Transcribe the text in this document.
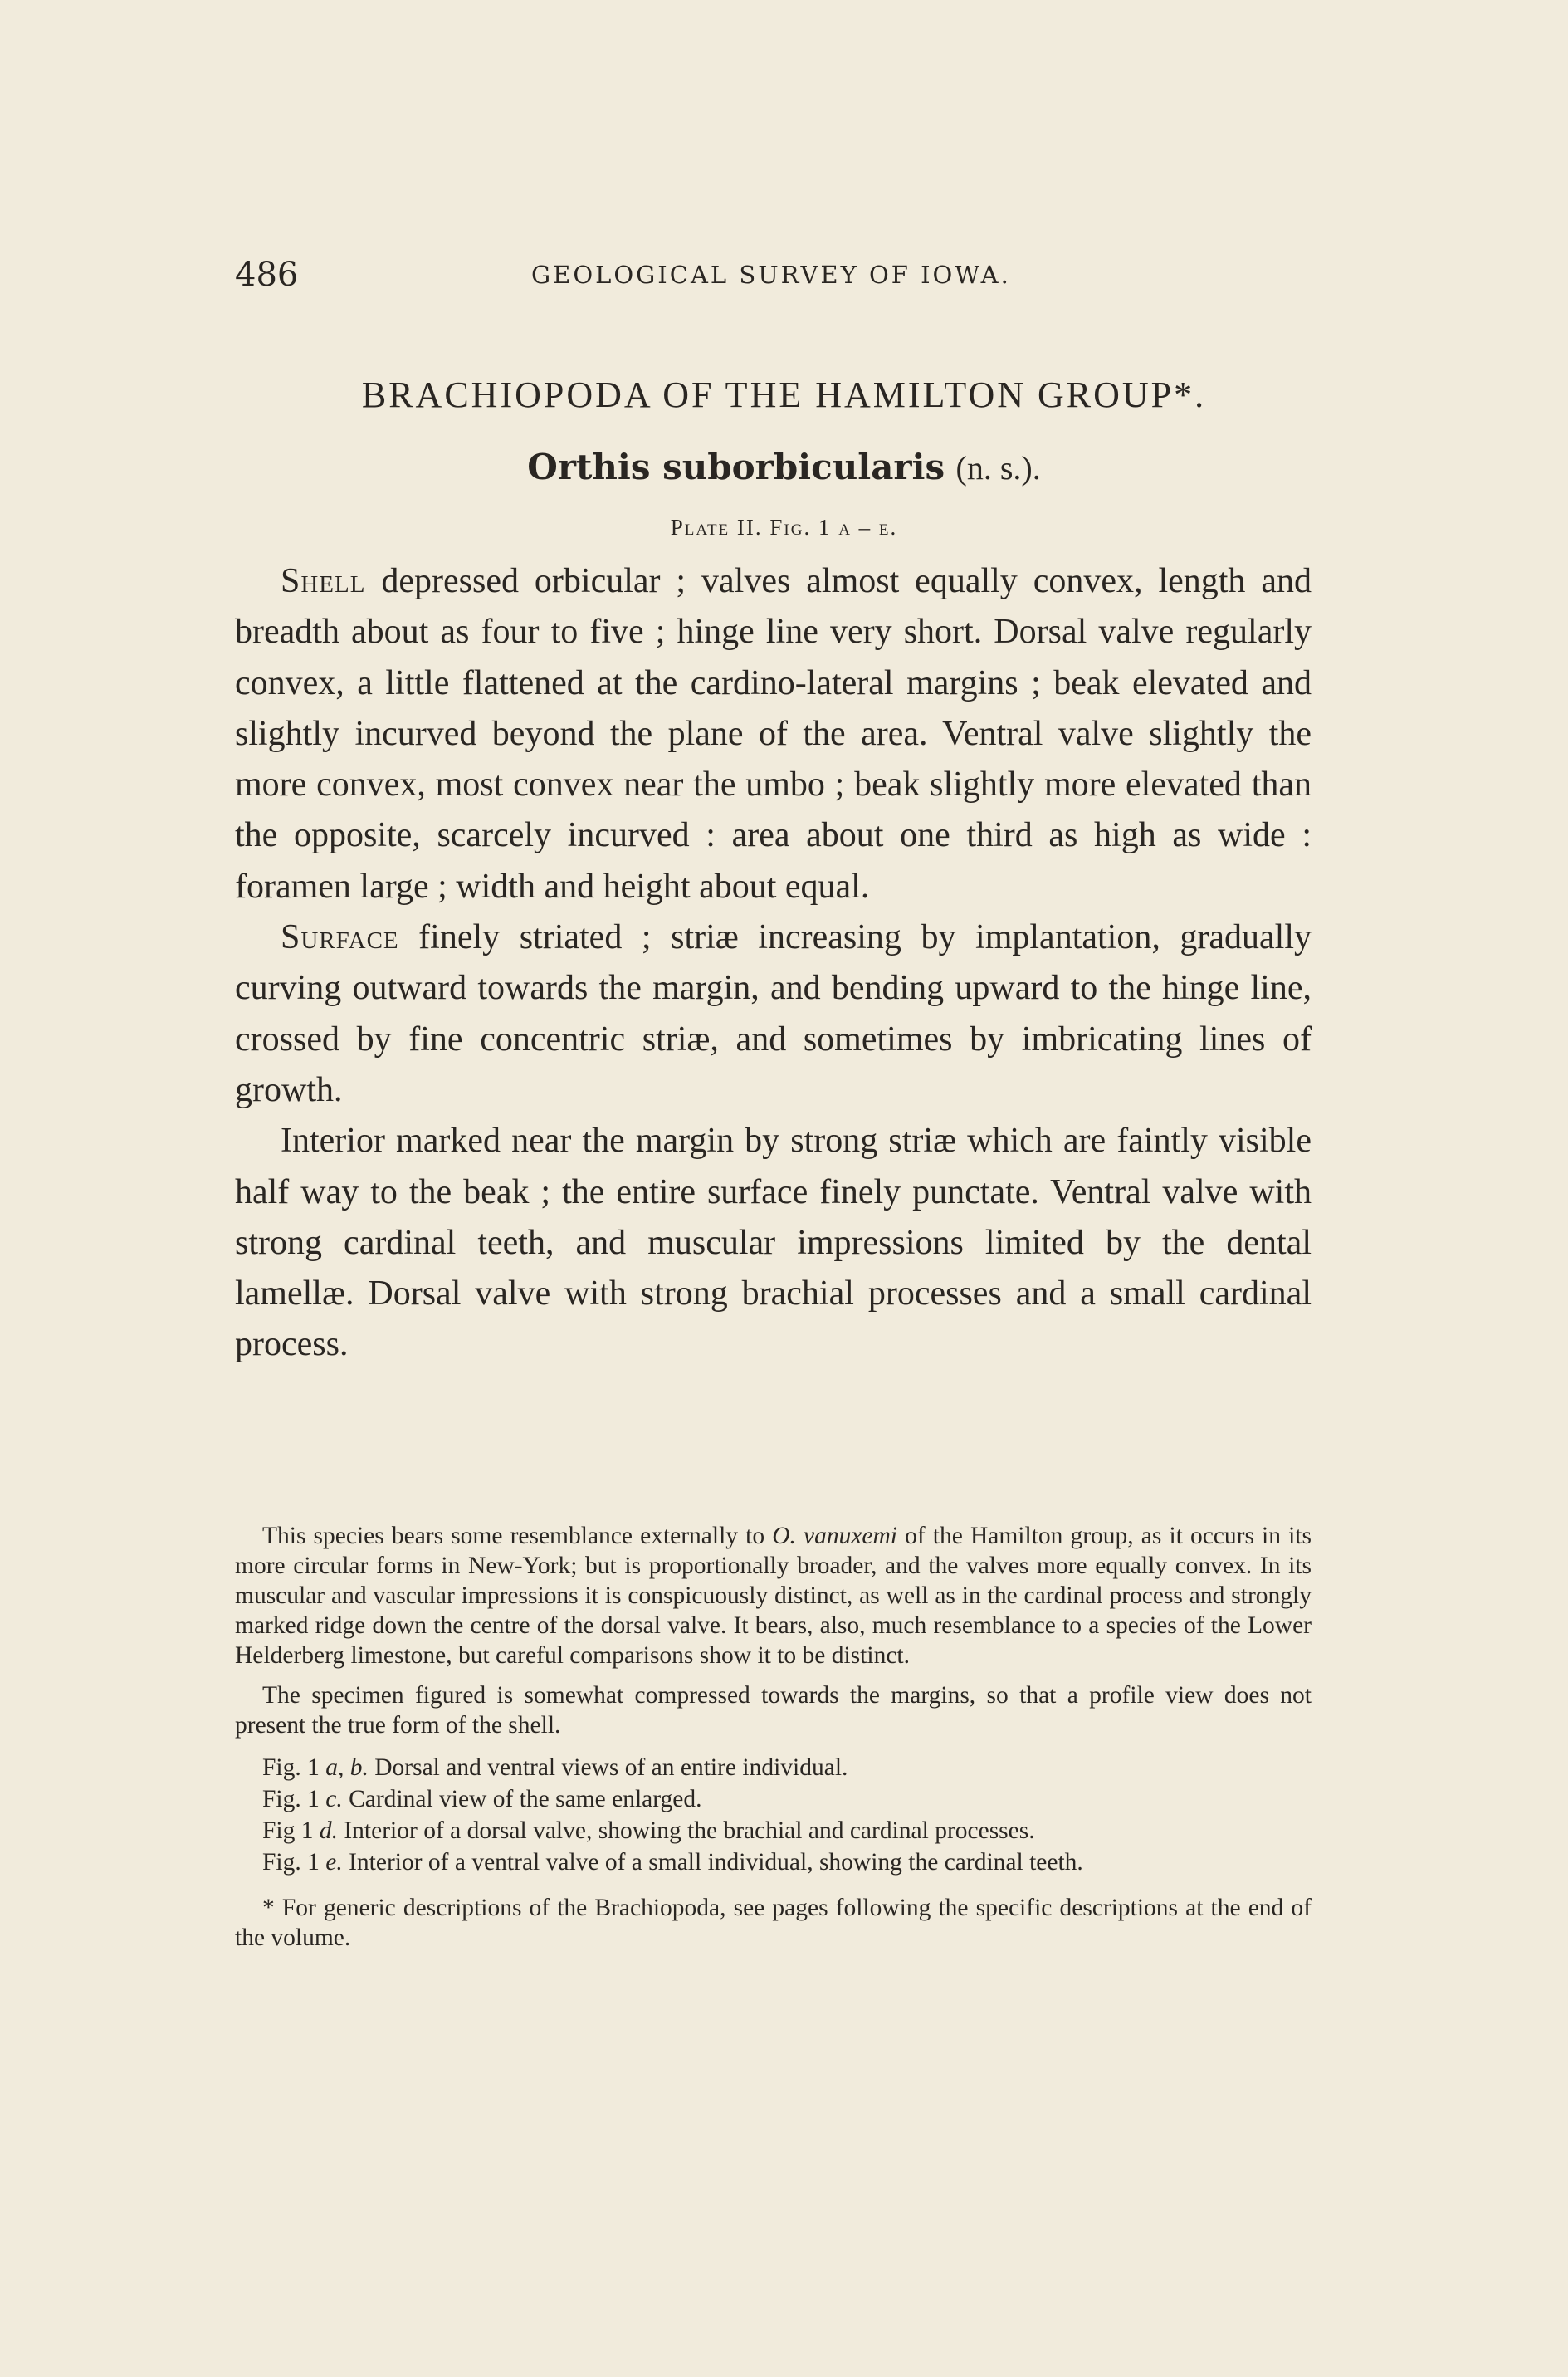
486	GEOLOGICAL SURVEY OF IOWA.
BRACHIOPODA OF THE HAMILTON GROUP*.
Orthis suborbicularis (n. s.).
Plate II. Fig. 1 a – e.

Shell depressed orbicular ; valves almost equally convex, length and breadth about as four to five ; hinge line very short. Dorsal valve regularly convex, a little flattened at the cardino-lateral margins ; beak elevated and slightly incurved beyond the plane of the area. Ventral valve slightly the more convex, most convex near the umbo ; beak slightly more elevated than the opposite, scarcely incurved : area about one third as high as wide : foramen large ; width and height about equal.

Surface finely striated ; striæ increasing by implantation, gradually curving outward towards the margin, and bending upward to the hinge line, crossed by fine concentric striæ, and sometimes by imbricating lines of growth.

Interior marked near the margin by strong striæ which are faintly visible half way to the beak ; the entire surface finely punctate. Ventral valve with strong cardinal teeth, and muscular impressions limited by the dental lamellæ. Dorsal valve with strong brachial processes and a small cardinal process.

This species bears some resemblance externally to O. vanuxemi of the Hamilton group, as it occurs in its more circular forms in New-York; but is proportionally broader, and the valves more equally convex. In its muscular and vascular impressions it is conspicuously distinct, as well as in the cardinal process and strongly marked ridge down the centre of the dorsal valve. It bears, also, much resemblance to a species of the Lower Helderberg limestone, but careful comparisons show it to be distinct.

The specimen figured is somewhat compressed towards the margins, so that a profile view does not present the true form of the shell.

Fig. 1 a, b. Dorsal and ventral views of an entire individual.

Fig. 1 c. Cardinal view of the same enlarged.

Fig 1 d. Interior of a dorsal valve, showing the brachial and cardinal processes.

Fig. 1 e. Interior of a ventral valve of a small individual, showing the cardinal teeth.

* For generic descriptions of the Brachiopoda, see pages following the specific descriptions at the end of the volume.
